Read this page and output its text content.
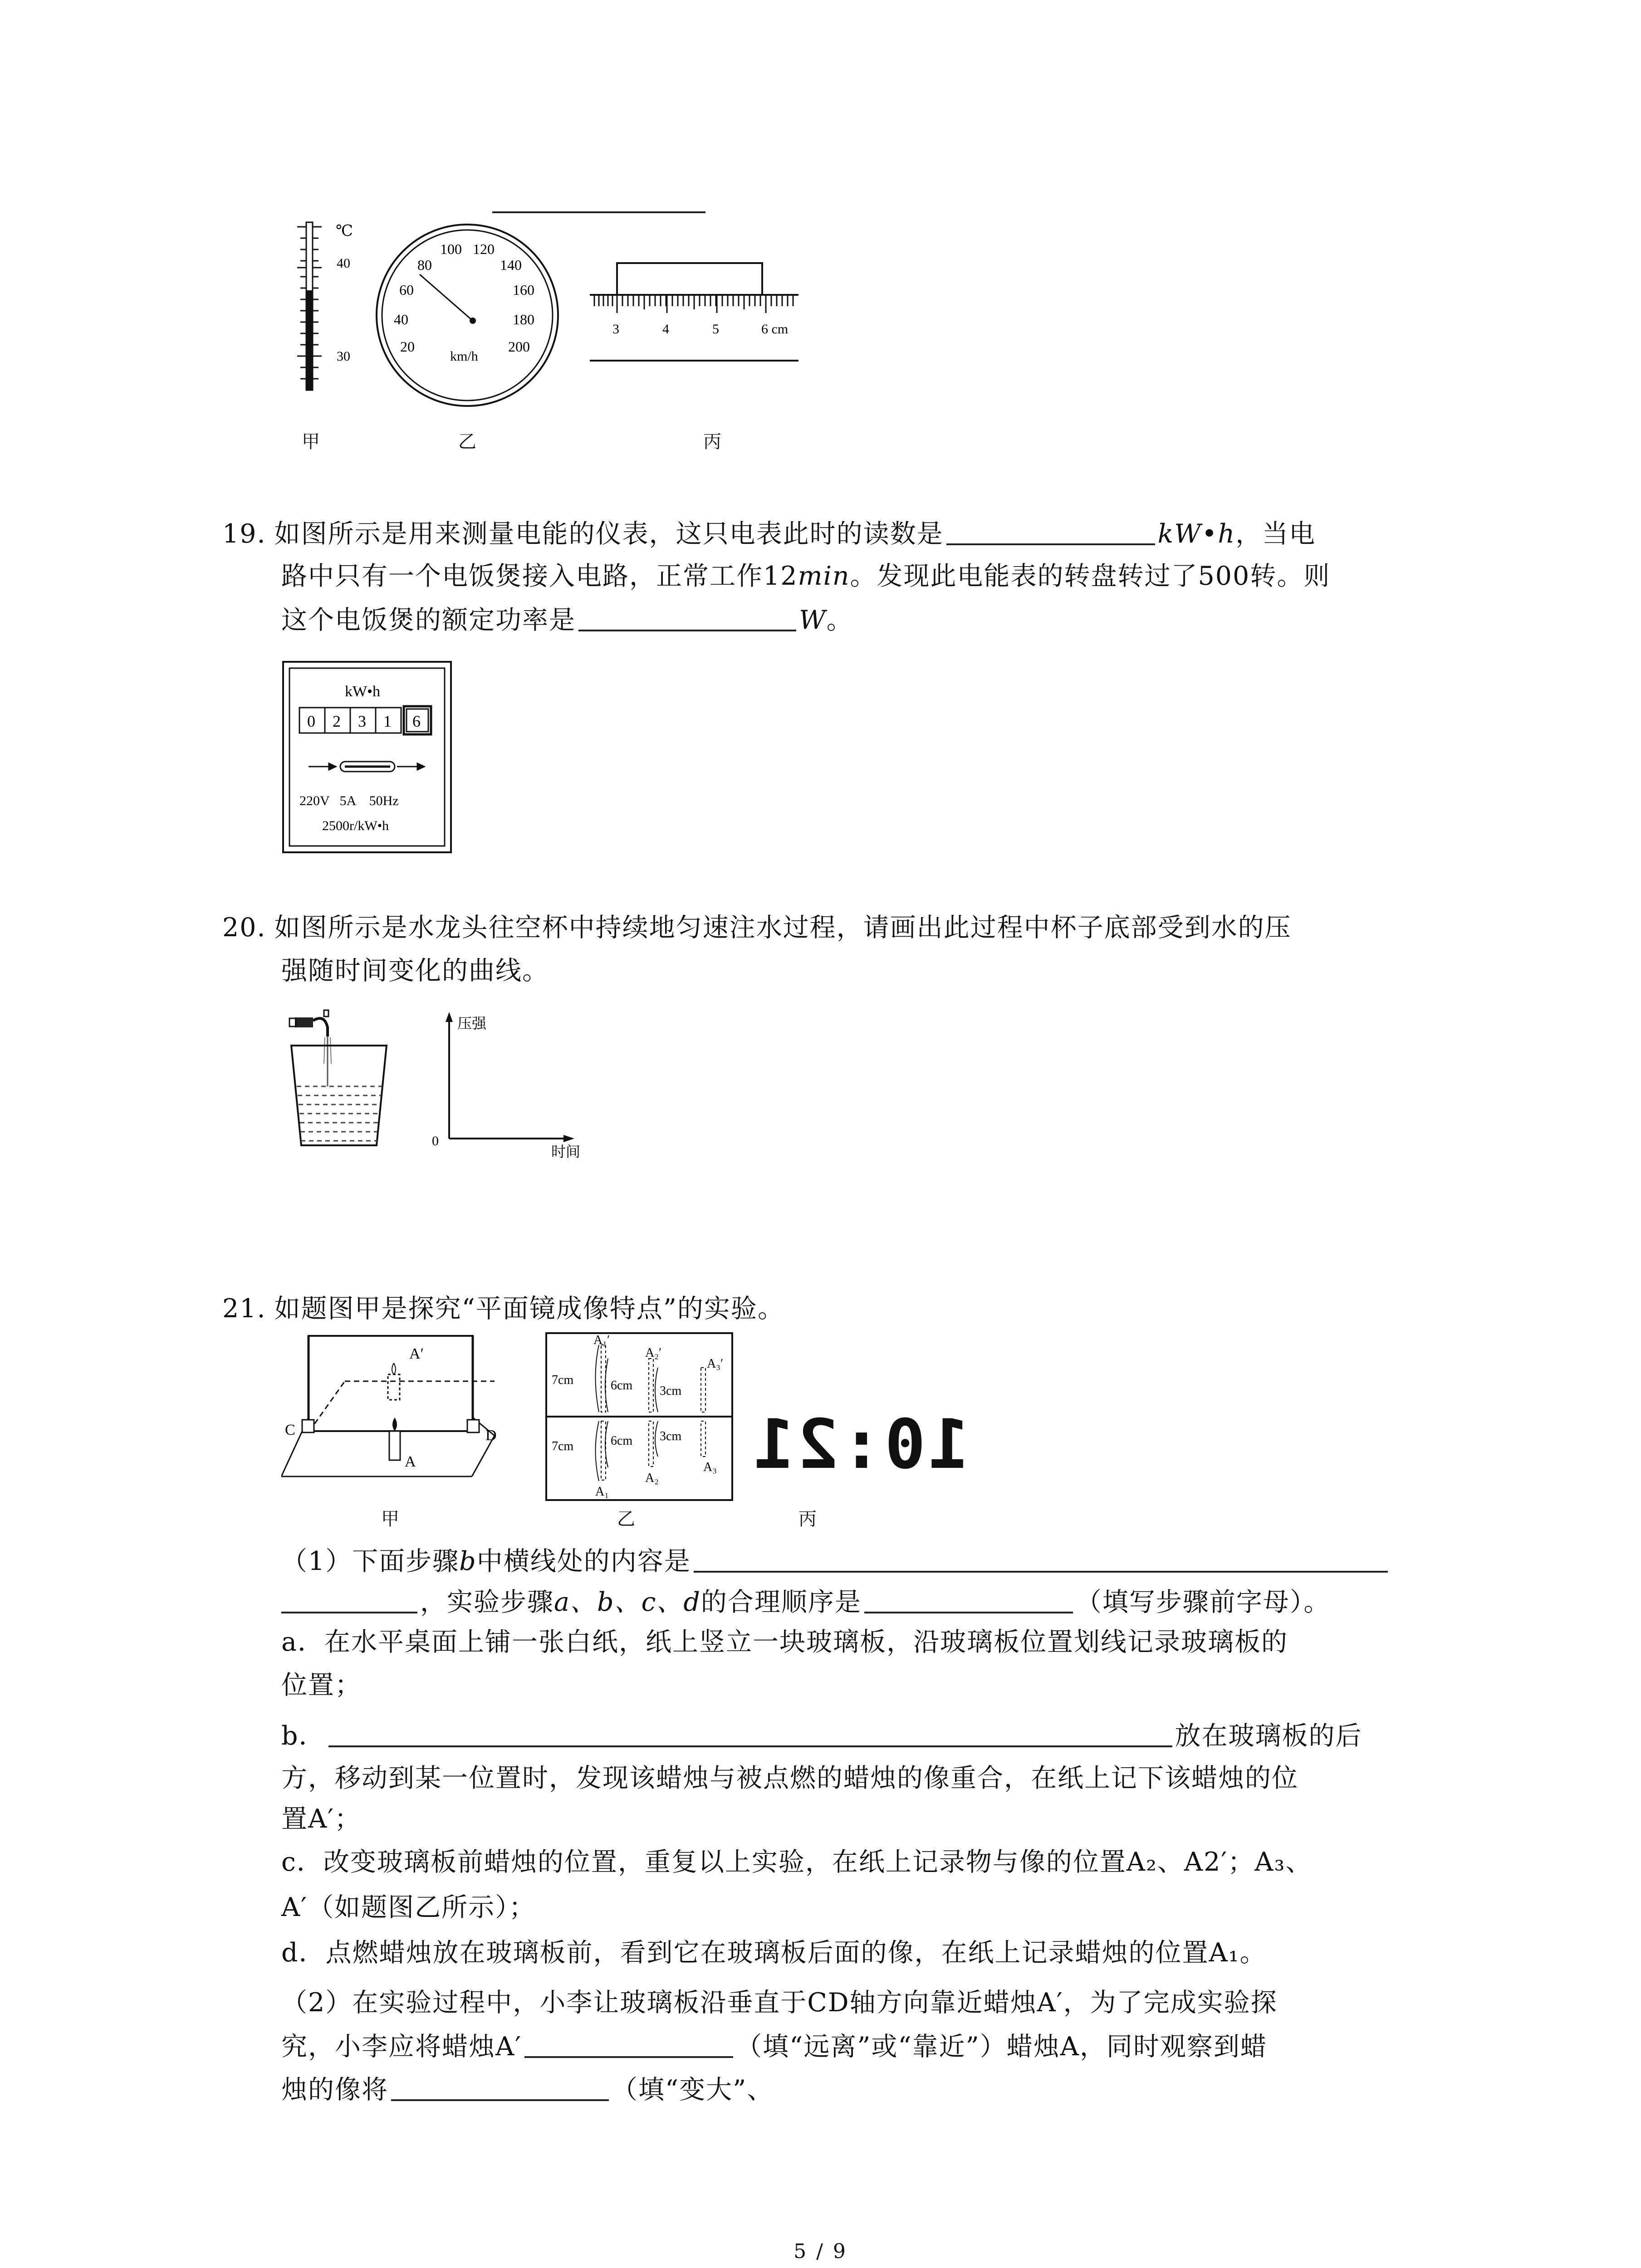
℃
40
30
甲
20
40
60
80
100 120
140
160
180
200
km/h
乙
3	4	5	6 cm
丙
19. 如图所示是用来测量电能的仪表，这只电表此时的读数是	kW•h，当电
路中只有一个电饭煲接入电路，正常工作12min。发现此电能表的转盘转过了500转。则
这个电饭煲的额定功率是	W。
kW•h
0 2 3 1 6
220V   5A    50Hz
2500r/kW•h
20. 如图所示是水龙头往空杯中持续地匀速注水过程，请画出此过程中杯子底部受到水的压
强随时间变化的曲线。
压强
时间
0
21. 如题图甲是探究“平面镜成像特点”的实验。
A′
C	D
A
甲
A₁′
A₂′
A₃′
7cm	6cm 3cm
7cm	6cm 3cm
A₁
A₂
A₃
乙
10:21
丙
（1）下面步骤b中横线处的内容是
，实验步骤a、b、c、d的合理顺序是	（填写步骤前字母）。
a．在水平桌面上铺一张白纸，纸上竖立一块玻璃板，沿玻璃板位置划线记录玻璃板的
位置；
b．	放在玻璃板的后
方，移动到某一位置时，发现该蜡烛与被点燃的蜡烛的像重合，在纸上记下该蜡烛的位
置A′；
c．改变玻璃板前蜡烛的位置，重复以上实验，在纸上记录物与像的位置A₂、A2′；A₃、
A′（如题图乙所示）；
d．点燃蜡烛放在玻璃板前，看到它在玻璃板后面的像，在纸上记录蜡烛的位置A₁。
（2）在实验过程中，小李让玻璃板沿垂直于CD轴方向靠近蜡烛A′，为了完成实验探
究，小李应将蜡烛A′	（填“远离”或“靠近”）蜡烛A，同时观察到蜡
烛的像将	（填“变大”、
5 / 9
